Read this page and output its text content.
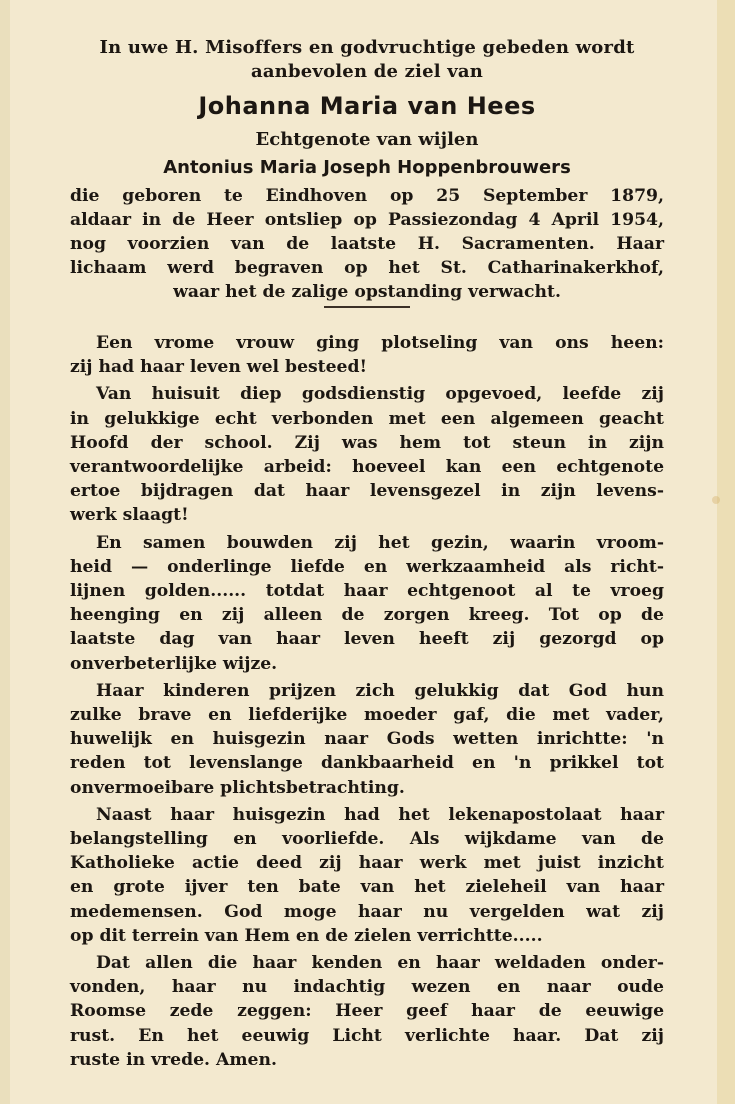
In uwe H. Misoffers en godvruchtige gebeden wordt
aanbevolen de ziel van
Johanna Maria van Hees
Echtgenote van wijlen
Antonius Maria Joseph Hoppenbrouwers
die geboren te Eindhoven op 25 September 1879,
aldaar in de Heer ontsliep op Passiezondag 4 April 1954,
nog voorzien van de laatste H. Sacramenten. Haar
lichaam werd begraven op het St. Catharinakerkhof,
waar het de zalige opstanding verwacht.
Een vrome vrouw ging plotseling van ons heen:
zij had haar leven wel besteed!
Van huisuit diep godsdienstig opgevoed, leefde zij
in gelukkige echt verbonden met een algemeen geacht
Hoofd der school. Zij was hem tot steun in zijn
verantwoordelijke arbeid: hoeveel kan een echtgenote
ertoe bijdragen dat haar levensgezel in zijn levens-
werk slaagt!
En samen bouwden zij het gezin, waarin vroom-
heid — onderlinge liefde en werkzaamheid als richt-
lijnen golden...... totdat haar echtgenoot al te vroeg
heenging en zij alleen de zorgen kreeg. Tot op de
laatste dag van haar leven heeft zij gezorgd op
onverbeterlijke wijze.
Haar kinderen prijzen zich gelukkig dat God hun
zulke brave en liefderijke moeder gaf, die met vader,
huwelijk en huisgezin naar Gods wetten inrichtte: 'n
reden tot levenslange dankbaarheid en 'n prikkel tot
onvermoeibare plichtsbetrachting.
Naast haar huisgezin had het lekenapostolaat haar
belangstelling en voorliefde. Als wijkdame van de
Katholieke actie deed zij haar werk met juist inzicht
en grote ijver ten bate van het zieleheil van haar
medemensen. God moge haar nu vergelden wat zij
op dit terrein van Hem en de zielen verrichtte.....
Dat allen die haar kenden en haar weldaden onder-
vonden, haar nu indachtig wezen en naar oude
Roomse zede zeggen: Heer geef haar de eeuwige
rust. En het eeuwig Licht verlichte haar. Dat zij
ruste in vrede. Amen.
